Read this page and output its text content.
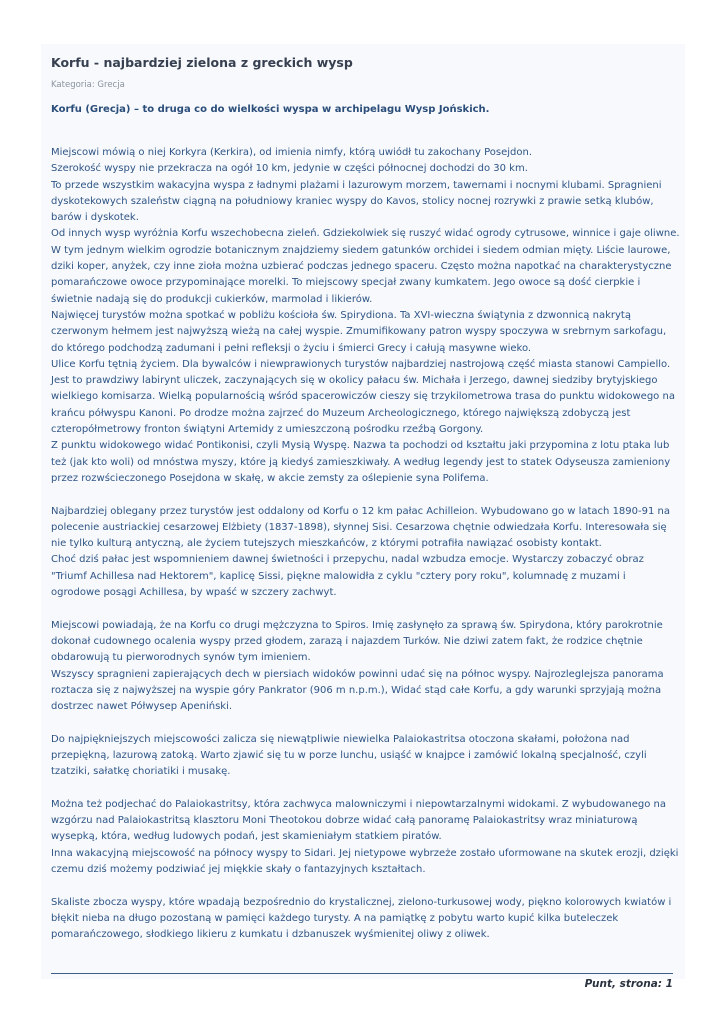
Korfu - najbardziej zielona z greckich wysp
Kategoria: Grecja
Korfu (Grecja) – to druga co do wielkości wyspa w archipelagu Wysp Jońskich.
Miejscowi mówią o niej Korkyra (Kerkira), od imienia nimfy, którą uwiódł tu zakochany Posejdon.
Szerokość wyspy nie przekracza na ogół 10 km, jedynie w części północnej dochodzi do 30 km.
To przede wszystkim wakacyjna wyspa z ładnymi plażami i lazurowym morzem, tawernami i nocnymi klubami. Spragnieni
dyskotekowych szaleństw ciągną na południowy kraniec wyspy do Kavos, stolicy nocnej rozrywki z prawie setką klubów,
barów i dyskotek.
Od innych wysp wyróżnia Korfu wszechobecna zieleń. Gdziekolwiek się ruszyć widać ogrody cytrusowe, winnice i gaje oliwne.
W tym jednym wielkim ogrodzie botanicznym znajdziemy siedem gatunków orchidei i siedem odmian mięty. Liście laurowe,
dziki koper, anyżek, czy inne zioła można uzbierać podczas jednego spaceru. Często można napotkać na charakterystyczne
pomarańczowe owoce przypominające morelki. To miejscowy specjał zwany kumkatem. Jego owoce są dość cierpkie i
świetnie nadają się do produkcji cukierków, marmolad i likierów.
Najwięcej turystów można spotkać w pobliżu kościoła św. Spirydiona. Ta XVI-wieczna świątynia z dzwonnicą nakrytą
czerwonym hełmem jest najwyższą wieżą na całej wyspie. Zmumifikowany patron wyspy spoczywa w srebrnym sarkofagu,
do którego podchodzą zadumani i pełni refleksji o życiu i śmierci Grecy i całują masywne wieko.
Ulice Korfu tętnią życiem. Dla bywalców i niewprawionych turystów najbardziej nastrojową część miasta stanowi Campiello.
Jest to prawdziwy labirynt uliczek, zaczynających się w okolicy pałacu św. Michała i Jerzego, dawnej siedziby brytyjskiego
wielkiego komisarza. Wielką popularnością wśród spacerowiczów cieszy się trzykilometrowa trasa do punktu widokowego na
krańcu półwyspu Kanoni. Po drodze można zajrzeć do Muzeum Archeologicznego, którego największą zdobyczą jest
czteropółmetrowy fronton świątyni Artemidy z umieszczoną pośrodku rzeźbą Gorgony.
Z punktu widokowego widać Pontikonisi, czyli Mysią Wyspę. Nazwa ta pochodzi od kształtu jaki przypomina z lotu ptaka lub
też (jak kto woli) od mnóstwa myszy, które ją kiedyś zamieszkiwały. A według legendy jest to statek Odyseusza zamieniony
przez rozwścieczonego Posejdona w skałę, w akcie zemsty za oślepienie syna Polifema.
Najbardziej oblegany przez turystów jest oddalony od Korfu o 12 km pałac Achilleion. Wybudowano go w latach 1890-91 na
polecenie austriackiej cesarzowej Elżbiety (1837-1898), słynnej Sisi. Cesarzowa chętnie odwiedzała Korfu. Interesowała się
nie tylko kulturą antyczną, ale życiem tutejszych mieszkańców, z którymi potrafiła nawiązać osobisty kontakt.
Choć dziś pałac jest wspomnieniem dawnej świetności i przepychu, nadal wzbudza emocje. Wystarczy zobaczyć obraz
"Triumf Achillesa nad Hektorem", kaplicę Sissi, piękne malowidła z cyklu "cztery pory roku", kolumnadę z muzami i
ogrodowe posągi Achillesa, by wpaść w szczery zachwyt.
Miejscowi powiadają, że na Korfu co drugi mężczyzna to Spiros. Imię zasłynęło za sprawą św. Spirydona, który parokrotnie
dokonał cudownego ocalenia wyspy przed głodem, zarazą i najazdem Turków. Nie dziwi zatem fakt, że rodzice chętnie
obdarowują tu pierworodnych synów tym imieniem.
Wszyscy spragnieni zapierających dech w piersiach widoków powinni udać się na północ wyspy. Najrozleglejsza panorama
roztacza się z najwyższej na wyspie góry Pankrator (906 m n.p.m.), Widać stąd całe Korfu, a gdy warunki sprzyjają można
dostrzec nawet Półwysep Apeniński.
Do najpiękniejszych miejscowości zalicza się niewątpliwie niewielka Palaiokastritsa otoczona skałami, położona nad
przepiękną, lazurową zatoką. Warto zjawić się tu w porze lunchu, usiąść w knajpce i zamówić lokalną specjalność, czyli
tzatziki, sałatkę choriatiki i musakę.
Można też podjechać do Palaiokastritsy, która zachwyca malowniczymi i niepowtarzalnymi widokami. Z wybudowanego na
wzgórzu nad Palaiokastritsą klasztoru Moni Theotokou dobrze widać całą panoramę Palaiokastritsy wraz miniaturową
wysepką, która, według ludowych podań, jest skamieniałym statkiem piratów.
Inna wakacyjną miejscowość na północy wyspy to Sidari. Jej nietypowe wybrzeże zostało uformowane na skutek erozji, dzięki
czemu dziś możemy podziwiać jej miękkie skały o fantazyjnych kształtach.
Skaliste zbocza wyspy, które wpadają bezpośrednio do krystalicznej, zielono-turkusowej wody, piękno kolorowych kwiatów i
błękit nieba na długo pozostaną w pamięci każdego turysty. A na pamiątkę z pobytu warto kupić kilka buteleczek
pomarańczowego, słodkiego likieru z kumkatu i dzbanuszek wyśmienitej oliwy z oliwek.
Punt, strona: 1
